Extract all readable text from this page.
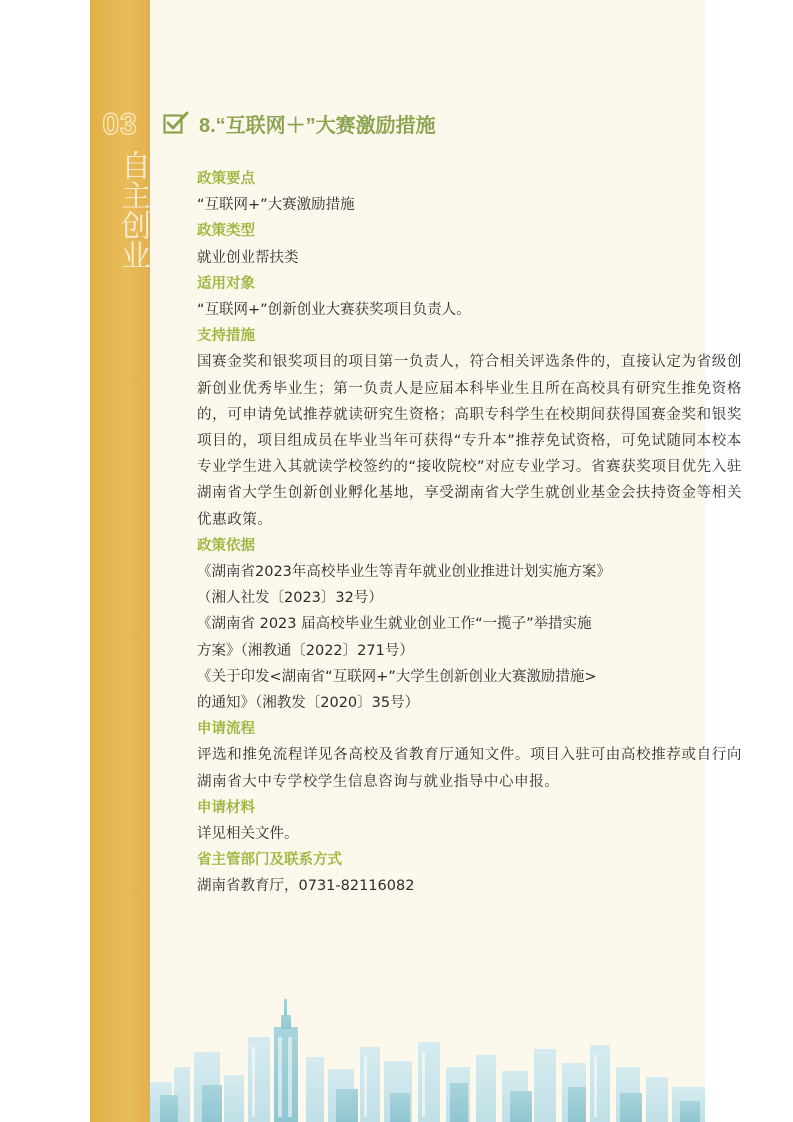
03
自主创业
8.“互联网＋”大赛激励措施
政策要点
“互联网+”大赛激励措施
政策类型
就业创业帮扶类
适用对象
“互联网+”创新创业大赛获奖项目负责人。
支持措施
国赛金奖和银奖项目的项目第一负责人，符合相关评选条件的，直接认定为省级创新创业优秀毕业生；第一负责人是应届本科毕业生且所在高校具有研究生推免资格的，可申请免试推荐就读研究生资格；高职专科学生在校期间获得国赛金奖和银奖项目的，项目组成员在毕业当年可获得“专升本”推荐免试资格，可免试随同本校本专业学生进入其就读学校签约的“接收院校”对应专业学习。省赛获奖项目优先入驻湖南省大学生创新创业孵化基地，享受湖南省大学生就创业基金会扶持资金等相关优惠政策。
政策依据
《湖南省2023年高校毕业生等青年就业创业推进计划实施方案》
（湘人社发〔2023〕32号）
《湖南省 2023 届高校毕业生就业创业工作“一揽子”举措实施
方案》（湘教通〔2022〕271号）
《关于印发<湖南省“互联网+”大学生创新创业大赛激励措施>
的通知》（湘教发〔2020〕35号）
申请流程
评选和推免流程详见各高校及省教育厅通知文件。项目入驻可由高校推荐或自行向湖南省大中专学校学生信息咨询与就业指导中心申报。
申请材料
详见相关文件。
省主管部门及联系方式
湖南省教育厅，0731-82116082
